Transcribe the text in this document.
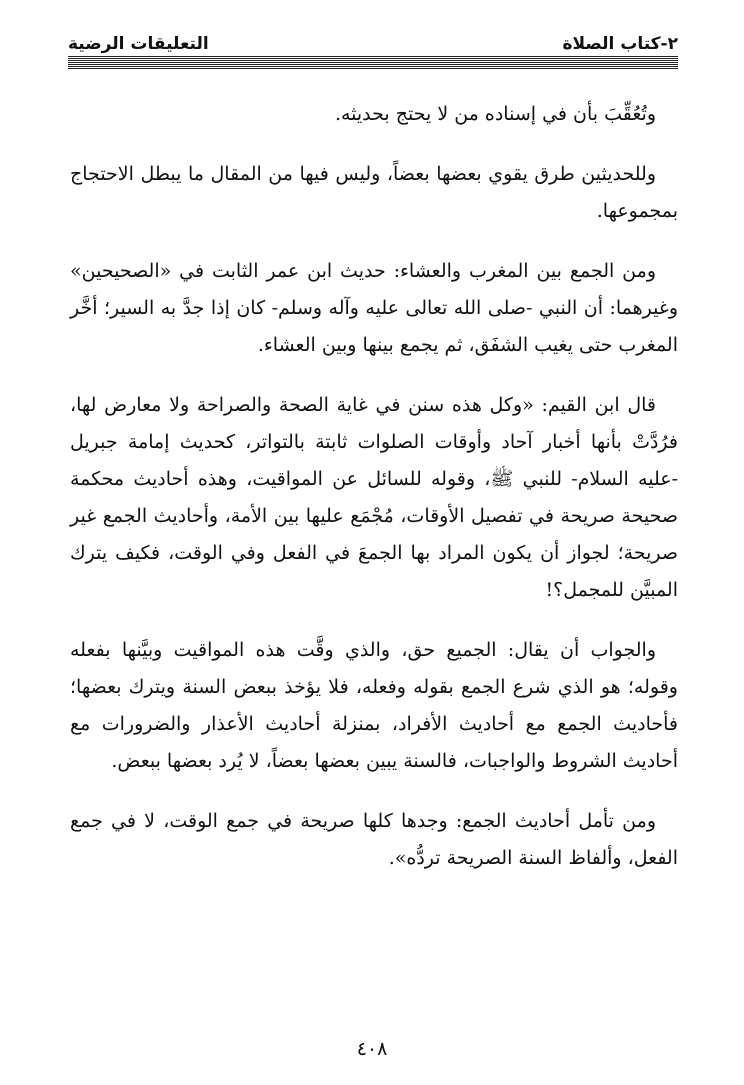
٢-كتاب الصلاة
التعليقات الرضية

وتُعُقِّبَ بأن في إسناده من لا يحتج بحديثه.

وللحديثين طرق يقوي بعضها بعضاً، وليس فيها من المقال ما يبطل الاحتجاج بمجموعها.

ومن الجمع بين المغرب والعشاء: حديث ابن عمر الثابت في «الصحيحين» وغيرهما: أن النبي -صلى الله تعالى عليه وآله وسلم- كان إذا جدَّ به السير؛ أخَّر المغرب حتى يغيب الشفَق، ثم يجمع بينها وبين العشاء.

قال ابن القيم: «وكل هذه سنن في غاية الصحة والصراحة ولا معارض لها، فرُدَّتْ بأنها أخبار آحاد وأوقات الصلوات ثابتة بالتواتر، كحديث إمامة جبريل -عليه السلام- للنبي ﷺ، وقوله للسائل عن المواقيت، وهذه أحاديث محكمة صحيحة صريحة في تفصيل الأوقات، مُجْمَع عليها بين الأمة، وأحاديث الجمع غير صريحة؛ لجواز أن يكون المراد بها الجمعَ في الفعل وفي الوقت، فكيف يترك المبيَّن للمجمل؟!

والجواب أن يقال: الجميع حق، والذي وقَّت هذه المواقيت وبيَّنها بفعله وقوله؛ هو الذي شرع الجمع بقوله وفعله، فلا يؤخذ ببعض السنة ويترك بعضها؛ فأحاديث الجمع مع أحاديث الأفراد، بمنزلة أحاديث الأعذار والضرورات مع أحاديث الشروط والواجبات، فالسنة يبين بعضها بعضاً، لا يُرد بعضها ببعض.

ومن تأمل أحاديث الجمع: وجدها كلها صريحة في جمع الوقت، لا في جمع الفعل، وألفاظ السنة الصريحة تردُّه».

٤٠٨
